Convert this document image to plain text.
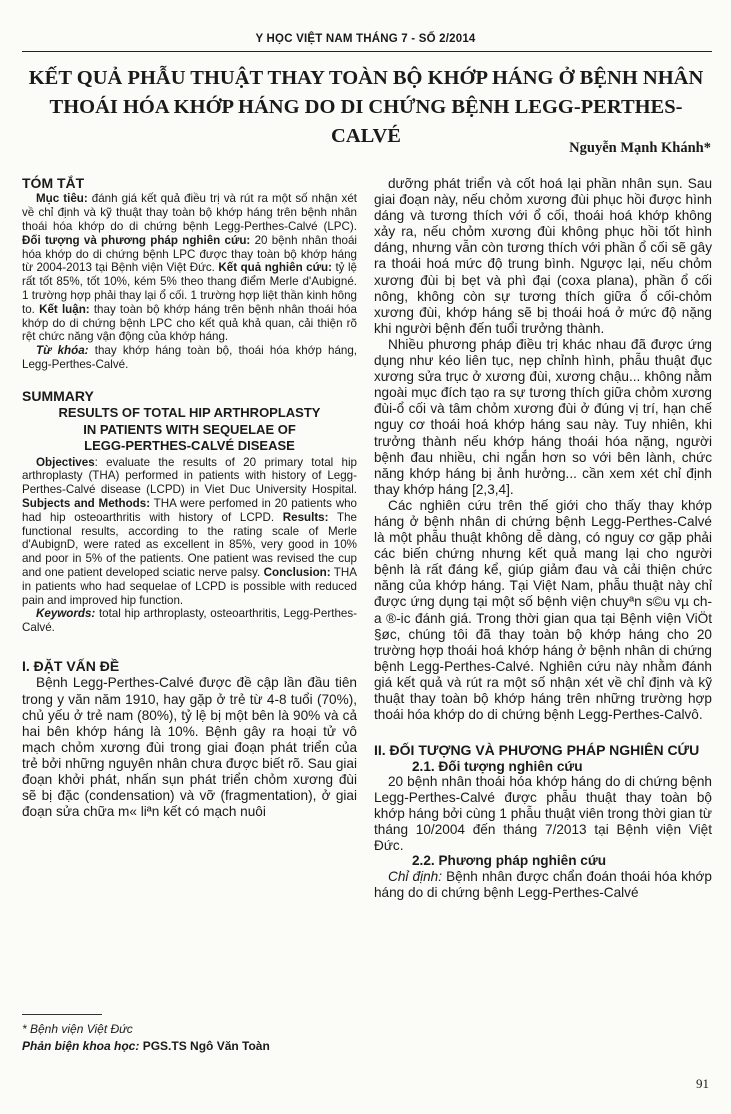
Y HỌC VIỆT NAM THÁNG 7 - SỐ 2/2014
KẾT QUẢ PHẪU THUẬT THAY TOÀN BỘ KHỚP HÁNG Ở BỆNH NHÂN
THOÁI HÓA KHỚP HÁNG DO DI CHỨNG BỆNH LEGG-PERTHES-CALVÉ
Nguyễn Mạnh Khánh*
TÓM TẮT

Mục tiêu: đánh giá kết quả điều trị và rút ra một số nhận xét về chỉ định và kỹ thuật thay toàn bộ khớp háng trên bệnh nhân thoái hóa khớp do di chứng bệnh Legg-Perthes-Calvé (LPC). Đối tượng và phương pháp nghiên cứu: 20 bệnh nhân thoái hóa khớp do di chứng bệnh LPC được thay toàn bộ khớp háng từ 2004-2013 tại Bệnh viện Việt Đức. Kết quả nghiên cứu: tỷ lệ rất tốt 85%, tốt 10%, kém 5% theo thang điểm Merle d'Aubigné. 1 trường hợp phải thay lại ổ cối. 1 trường hợp liệt thần kinh hông to. Kết luận: thay toàn bộ khớp háng trên bệnh nhân thoái hóa khớp do di chứng bệnh LPC cho kết quả khả quan, cải thiện rõ rệt chức năng vận động của khớp háng.

Từ khóa: thay khớp háng toàn bộ, thoái hóa khớp háng, Legg-Perthes-Calvé.

SUMMARY
RESULTS OF TOTAL HIP ARTHROPLASTY
IN PATIENTS WITH SEQUELAE OF
LEGG-PERTHES-CALVÉ DISEASE

Objectives: evaluate the results of 20 primary total hip arthroplasty (THA) performed in patients with history of Legg-Perthes-Calvé disease (LCPD) in Viet Duc University Hospital. Subjects and Methods: THA were perfomed in 20 patients who had hip osteoarthritis with history of LCPD. Results: The functional results, according to the rating scale of Merle d'AubignD, were rated as excellent in 85%, very good in 10% and poor in 5% of the patients. One patient was revised the cup and one patient developed sciatic nerve palsy. Conclusion: THA in patients who had sequelae of LCPD is possible with reduced pain and improved hip function.

Keywords: total hip arthroplasty, osteoarthritis, Legg-Perthes-Calvé.

I. ĐẶT VẤN ĐỀ

Bệnh Legg-Perthes-Calvé được đề cập lần đầu tiên trong y văn năm 1910, hay gặp ở trẻ từ 4-8 tuổi (70%), chủ yếu ở trẻ nam (80%), tỷ lệ bị một bên là 90% và cả hai bên khớp háng là 10%. Bệnh gây ra hoại tử vô mạch chỏm xương đùi trong giai đoạn phát triển của trẻ bởi những nguyên nhân chưa được biết rõ. Sau giai đoạn khởi phát, nhấn sụn phát triển chỏm xương đùi sẽ bị đặc (condensation) và vỡ (fragmentation), ở giai đoạn sửa chữa m« liªn kết có mạch nuôi

dưỡng phát triển và cốt hoá lại phần nhân sụn. Sau giai đoạn này, nếu chỏm xương đùi phục hồi được hình dáng và tương thích với ổ cối, thoái hoá khớp không xảy ra, nếu chỏm xương đùi không phục hồi tốt hình dáng, nhưng vẫn còn tương thích với phần ổ cối sẽ gây ra thoái hoá mức độ trung bình. Ngược lại, nếu chỏm xương đùi bị bẹt và phì đại (coxa plana), phần ổ cối nông, không còn sự tương thích giữa ổ cối-chỏm xương đùi, khớp háng sẽ bị thoái hoá ở mức độ nặng khi người bệnh đến tuổi trưởng thành.

Nhiều phương pháp điều trị khác nhau đã được ứng dụng như kéo liên tục, nẹp chỉnh hình, phẫu thuật đục xương sửa trục ở xương đùi, xương chậu... không nằm ngoài mục đích tạo ra sự tương thích giữa chỏm xương đùi-ổ cối và tâm chỏm xương đùi ở đúng vị trí, hạn chế nguy cơ thoái hoá khớp háng sau này. Tuy nhiên, khi trưởng thành nếu khớp háng thoái hóa nặng, người bệnh đau nhiều, chi ngắn hơn so với bên lành, chức năng khớp háng bị ảnh hưởng... cần xem xét chỉ định thay khớp háng [2,3,4].

Các nghiên cứu trên thế giới cho thấy thay khớp háng ở bệnh nhân di chứng bệnh Legg-Perthes-Calvé là một phẫu thuật không dễ dàng, có nguy cơ gặp phải các biến chứng nhưng kết quả mang lại cho người bệnh là rất đáng kể, giúp giảm đau và cải thiện chức năng của khớp háng. Tại Việt Nam, phẫu thuật này chỉ được ứng dụng tại một số bệnh viện chuyªn s©u vµ ch-a ®-ic đánh giá. Trong thời gian qua tại Bệnh viện ViÖt §øc, chúng tôi đã thay toàn bộ khớp háng cho 20 trường hợp thoái hoá khớp háng ở bệnh nhân di chứng bệnh Legg-Perthes-Calvé. Nghiên cứu này nhằm đánh giá kết quả và rút ra một số nhận xét về chỉ định và kỹ thuật thay toàn bộ khớp háng trên những trường hợp thoái hóa khớp do di chứng bệnh Legg-Perthes-Calvô.

II. ĐỐI TƯỢNG VÀ PHƯƠNG PHÁP NGHIÊN CỨU

2.1. Đối tượng nghiên cứu

20 bệnh nhân thoái hóa khớp háng do di chứng bệnh Legg-Perthes-Calvé được phẫu thuật thay toàn bộ khớp háng bởi cùng 1 phẫu thuật viên trong thời gian từ tháng 10/2004 đến tháng 7/2013 tại Bệnh viện Việt Đức.

2.2. Phương pháp nghiên cứu

Chỉ định: Bệnh nhân được chẩn đoán thoái hóa khớp háng do di chứng bệnh Legg-Perthes-Calvé

* Bệnh viện Việt Đức
Phản biện khoa học: PGS.TS Ngô Văn Toàn
91
